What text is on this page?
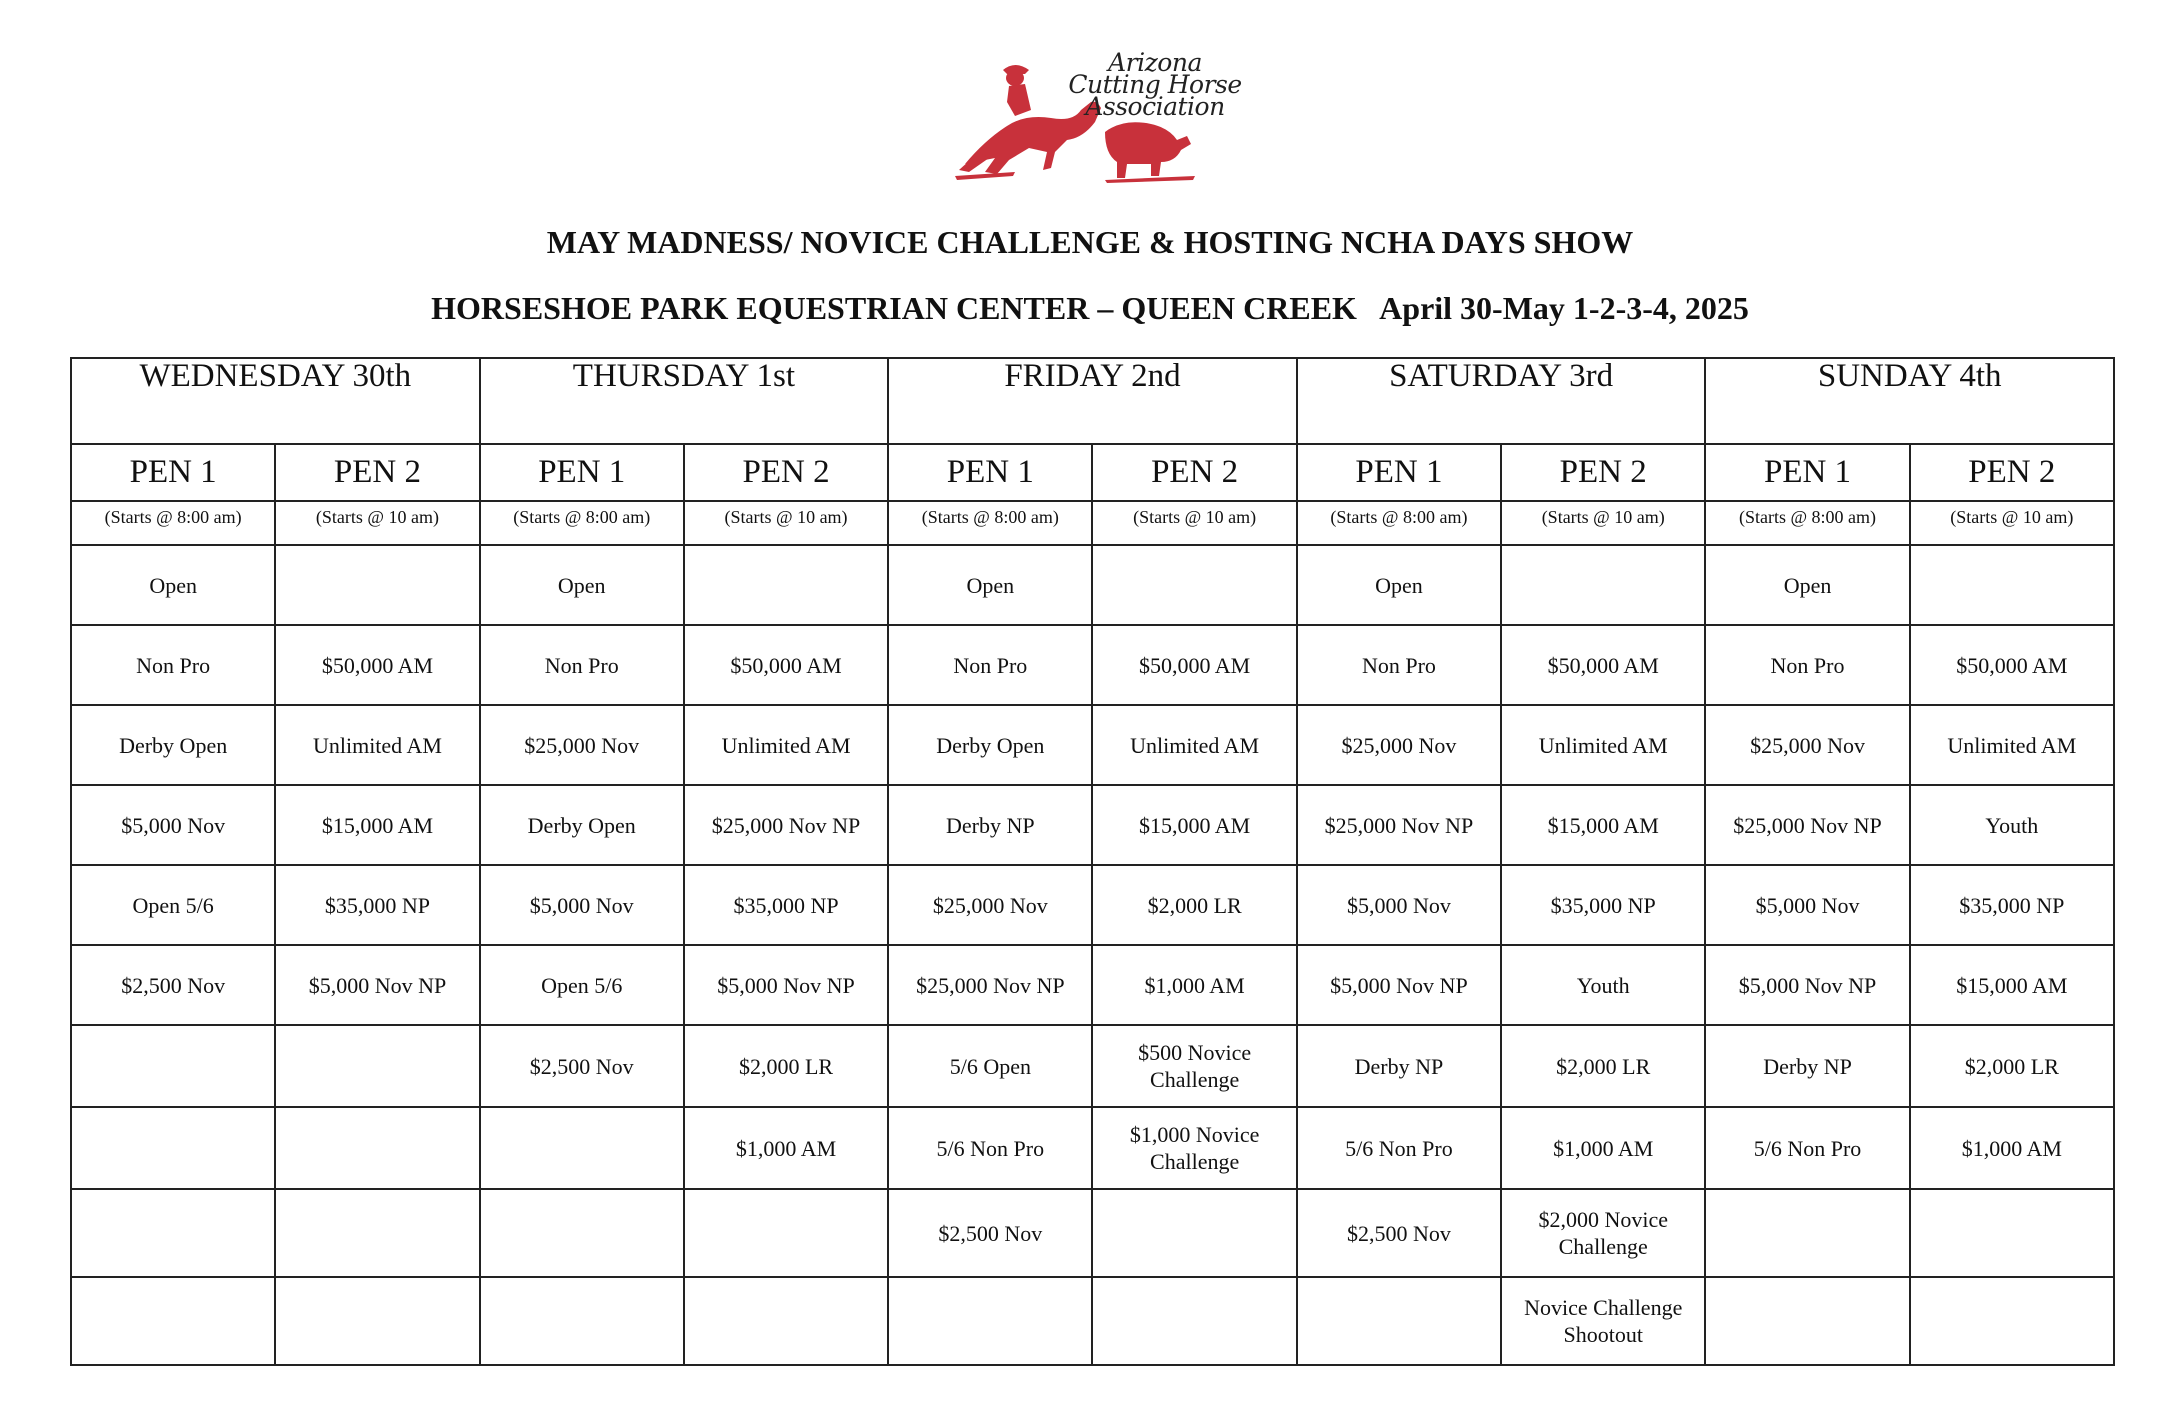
Arizona
Cutting Horse
Association
MAY MADNESS/ NOVICE CHALLENGE & HOSTING NCHA DAYS SHOW
HORSESHOE PARK EQUESTRIAN CENTER – QUEEN CREEK   April 30-May 1-2-3-4, 2025
WEDNESDAY 30th		THURSDAY 1st		FRIDAY 2nd		SATURDAY 3rd		SUNDAY 4th	
PEN 1	PEN 2	PEN 1	PEN 2	PEN 1	PEN 2	PEN 1	PEN 2	PEN 1	PEN 2
(Starts @ 8:00 am)	(Starts @ 10 am)	(Starts @ 8:00 am)	(Starts @ 10 am)	(Starts @ 8:00 am)	(Starts @ 10 am)	(Starts @ 8:00 am)	(Starts @ 10 am)	(Starts @ 8:00 am)	(Starts @ 10 am)
Open		Open		Open		Open		Open	
Non Pro	$50,000 AM	Non Pro	$50,000 AM	Non Pro	$50,000 AM	Non Pro	$50,000 AM	Non Pro	$50,000 AM
Derby Open	Unlimited AM	$25,000 Nov	Unlimited AM	Derby Open	Unlimited AM	$25,000 Nov	Unlimited AM	$25,000 Nov	Unlimited AM
$5,000 Nov	$15,000 AM	Derby Open	$25,000 Nov NP	Derby NP	$15,000 AM	$25,000 Nov NP	$15,000 AM	$25,000 Nov NP	Youth
Open 5/6	$35,000 NP	$5,000 Nov	$35,000 NP	$25,000 Nov	$2,000 LR	$5,000 Nov	$35,000 NP	$5,000 Nov	$35,000 NP
$2,500 Nov	$5,000 Nov NP	Open 5/6	$5,000 Nov NP	$25,000 Nov NP	$1,000 AM	$5,000 Nov NP	Youth	$5,000 Nov NP	$15,000 AM
		$2,500 Nov	$2,000 LR	5/6 Open	$500 Novice Challenge	Derby NP	$2,000 LR	Derby NP	$2,000 LR
			$1,000 AM	5/6 Non Pro	$1,000 Novice Challenge	5/6 Non Pro	$1,000 AM	5/6 Non Pro	$1,000 AM
				$2,500 Nov		$2,500 Nov	$2,000 Novice Challenge		
							Novice Challenge Shootout		
